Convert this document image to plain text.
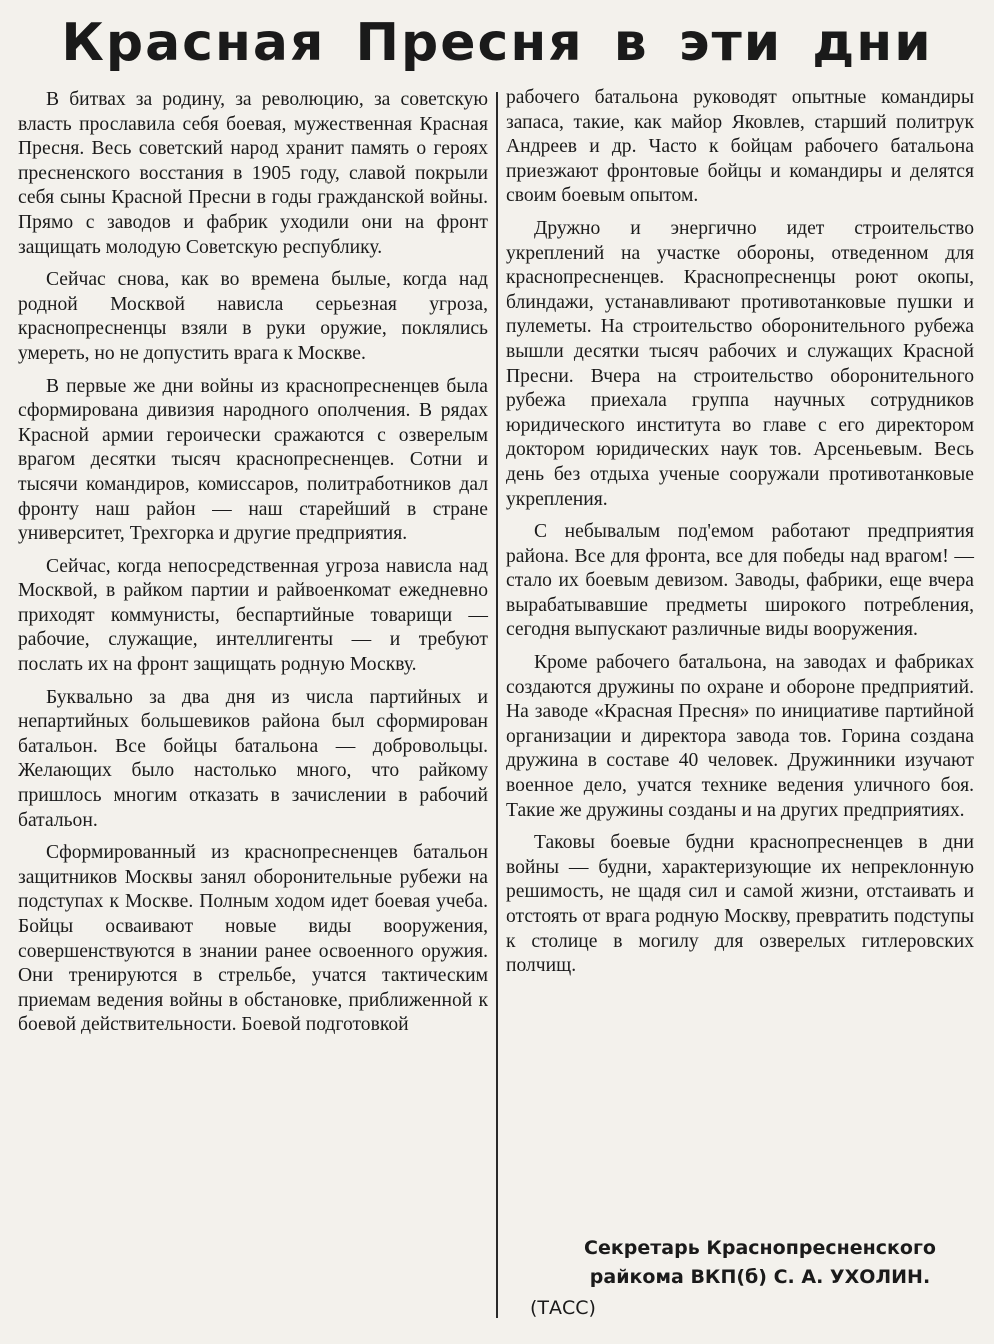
Красная Пресня в эти дни

В битвах за родину, за революцию, за советскую власть прославила себя боевая, мужественная Красная Пресня. Весь советский народ хранит память о героях пресненского восстания в 1905 году, славой покрыли себя сыны Красной Пресни в годы гражданской войны. Прямо с заводов и фабрик уходили они на фронт защищать молодую Советскую республику.

Сейчас снова, как во времена былые, когда над родной Москвой нависла серьезная угроза, краснопресненцы взяли в руки оружие, поклялись умереть, но не допустить врага к Москве.

В первые же дни войны из краснопресненцев была сформирована дивизия народного ополчения. В рядах Красной армии героически сражаются с озверелым врагом десятки тысяч краснопресненцев. Сотни и тысячи командиров, комиссаров, политработников дал фронту наш район — наш старейший в стране университет, Трехгорка и другие предприятия.

Сейчас, когда непосредственная угроза нависла над Москвой, в райком партии и райвоенкомат ежедневно приходят коммунисты, беспартийные товарищи — рабочие, служащие, интеллигенты — и требуют послать их на фронт защищать родную Москву.

Буквально за два дня из числа партийных и непартийных большевиков района был сформирован батальон. Все бойцы батальона — добровольцы. Желающих было настолько много, что райкому пришлось многим отказать в зачислении в рабочий батальон.

Сформированный из краснопресненцев батальон защитников Москвы занял оборонительные рубежи на подступах к Москве. Полным ходом идет боевая учеба. Бойцы осваивают новые виды вооружения, совершенствуются в знании ранее освоенного оружия. Они тренируются в стрельбе, учатся тактическим приемам ведения войны в обстановке, приближенной к боевой действительности. Боевой подготовкой

рабочего батальона руководят опытные командиры запаса, такие, как майор Яковлев, старший политрук Андреев и др. Часто к бойцам рабочего батальона приезжают фронтовые бойцы и командиры и делятся своим боевым опытом.

Дружно и энергично идет строительство укреплений на участке обороны, отведенном для краснопресненцев. Краснопресненцы роют окопы, блиндажи, устанавливают противотанковые пушки и пулеметы. На строительство оборонительного рубежа вышли десятки тысяч рабочих и служащих Красной Пресни. Вчера на строительство оборонительного рубежа приехала группа научных сотрудников юридического института во главе с его директором доктором юридических наук тов. Арсеньевым. Весь день без отдыха ученые сооружали противотанковые укрепления.

С небывалым под'емом работают предприятия района. Все для фронта, все для победы над врагом! — стало их боевым девизом. Заводы, фабрики, еще вчера вырабатывавшие предметы широкого потребления, сегодня выпускают различные виды вооружения.

Кроме рабочего батальона, на заводах и фабриках создаются дружины по охране и обороне предприятий. На заводе «Красная Пресня» по инициативе партийной организации и директора завода тов. Горина создана дружина в составе 40 человек. Дружинники изучают военное дело, учатся технике ведения уличного боя. Такие же дружины созданы и на других предприятиях.

Таковы боевые будни краснопресненцев в дни войны — будни, характеризующие их непреклонную решимость, не щадя сил и самой жизни, отстаивать и отстоять от врага родную Москву, превратить подступы к столице в могилу для озверелых гитлеровских полчищ.

Секретарь Краснопресненского
райкома ВКП(б) С. А. УХОЛИН.
(ТАСС)
